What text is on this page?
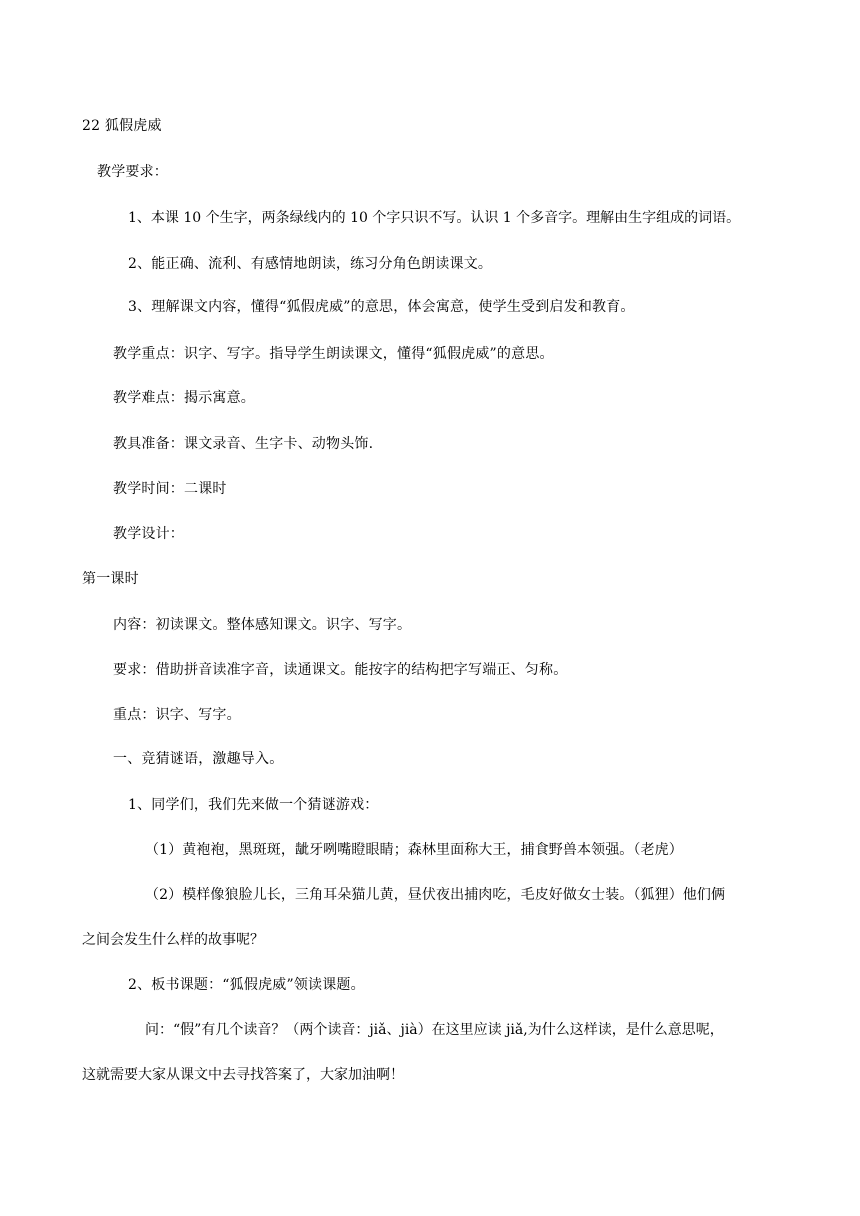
22 狐假虎威
教学要求：
1、本课 10 个生字，两条绿线内的 10 个字只识不写。认识 1 个多音字。理解由生字组成的词语。
2、能正确、流利、有感情地朗读，练习分角色朗读课文。
3、理解课文内容，懂得“狐假虎威”的意思，体会寓意，使学生受到启发和教育。
教学重点：识字、写字。指导学生朗读课文，懂得“狐假虎威”的意思。
教学难点：揭示寓意。
教具准备：课文录音、生字卡、动物头饰.
教学时间：二课时
教学设计：
第一课时
内容：初读课文。整体感知课文。识字、写字。
要求：借助拼音读准字音，读通课文。能按字的结构把字写端正、匀称。
重点：识字、写字。
一、竞猜谜语，激趣导入。
1、同学们，我们先来做一个猜谜游戏：
（1）黄袍袍，黑斑斑，龇牙咧嘴瞪眼睛；森林里面称大王，捕食野兽本领强。（老虎）
（2）模样像狼脸儿长，三角耳朵猫儿黄，昼伏夜出捕肉吃，毛皮好做女士装。（狐狸）他们俩
之间会发生什么样的故事呢？
2、板书课题：“狐假虎威”领读课题。
问：“假”有几个读音？（两个读音：jiǎ、jià）在这里应读 jiǎ,为什么这样读，是什么意思呢，
这就需要大家从课文中去寻找答案了，大家加油啊！
